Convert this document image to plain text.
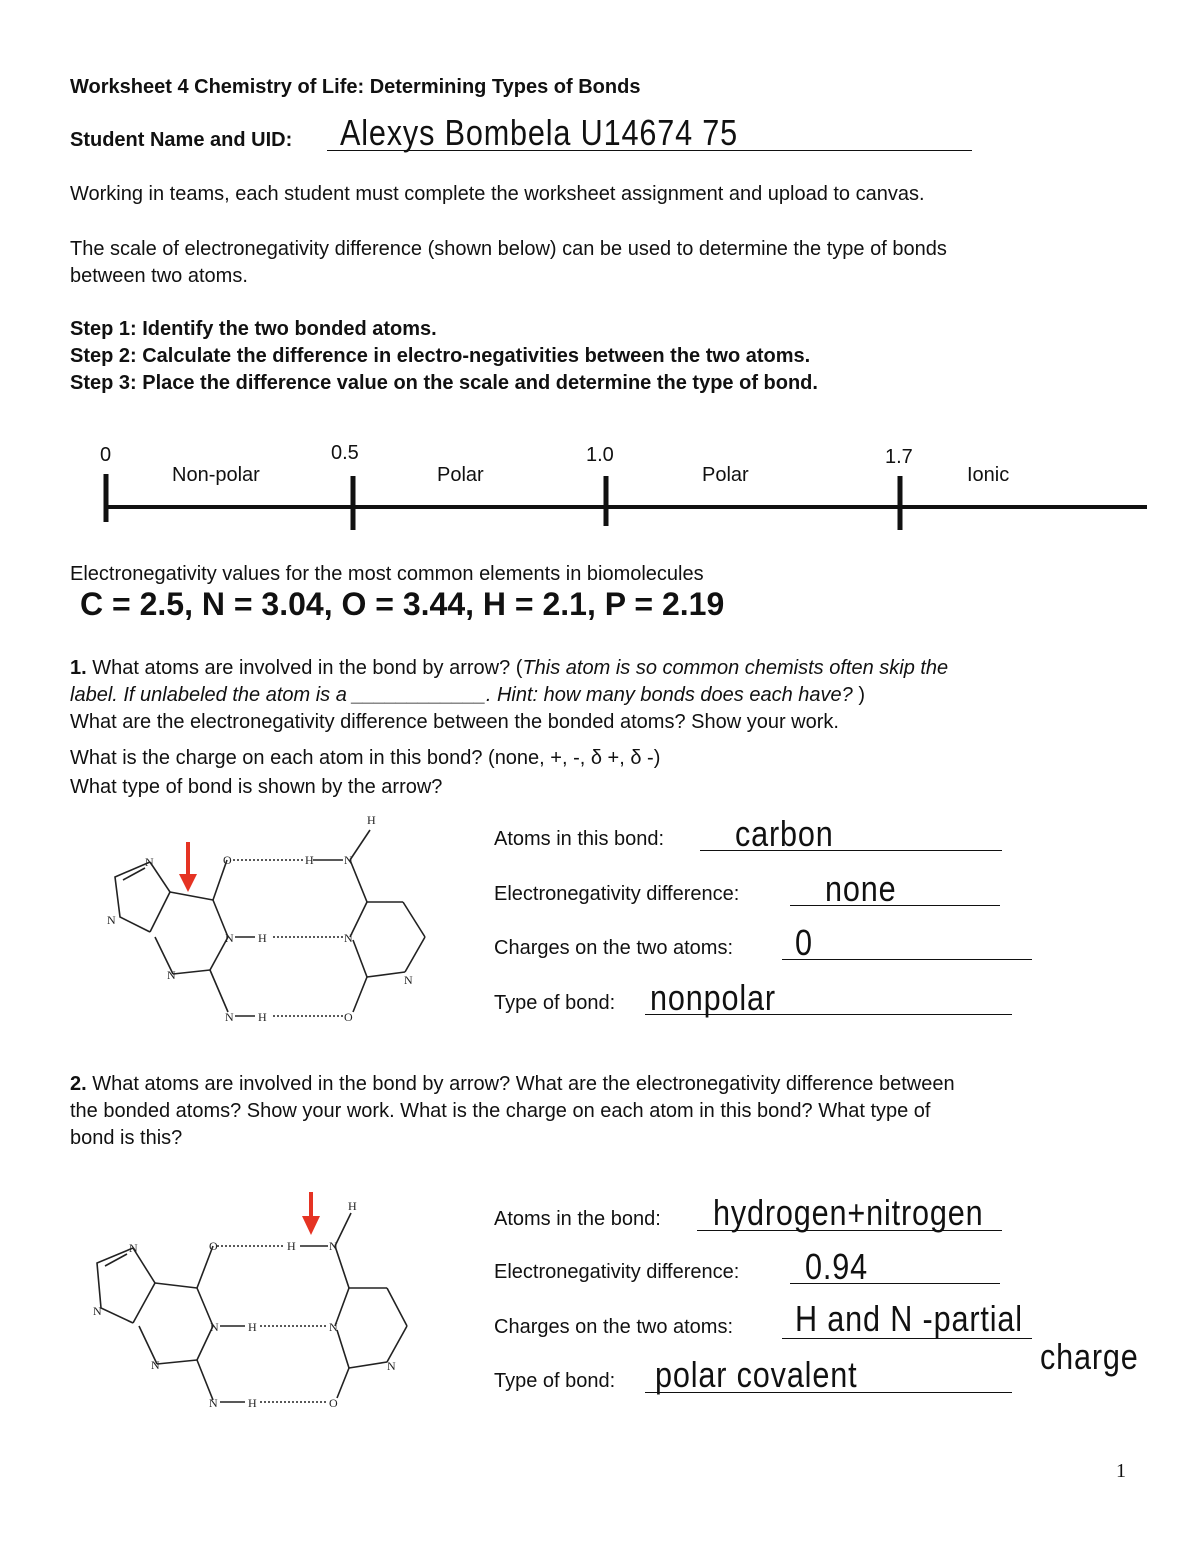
Worksheet 4 Chemistry of Life: Determining Types of Bonds
Student Name and UID: Alexys Bombela U14674 75
Working in teams, each student must complete the worksheet assignment and upload to canvas.
The scale of electronegativity difference (shown below) can be used to determine the type of bonds
between two atoms.
Step 1: Identify the two bonded atoms.
Step 2: Calculate the difference in electro-negativities between the two atoms.
Step 3: Place the difference value on the scale and determine the type of bond.
0	0.5	1.0	1.7
Non-polar	Polar	Polar	Ionic
Electronegativity values for the most common elements in biomolecules
C = 2.5, N = 3.04, O = 3.44, H = 2.1, P = 2.19
1. What atoms are involved in the bond by arrow? (This atom is so common chemists often skip the
label. If unlabeled the atom is a ____________. Hint: how many bonds does each have? )
What are the electronegativity difference between the bonded atoms? Show your work.
What is the charge on each atom in this bond? (none, +, -, δ +, δ -)
What type of bond is shown by the arrow?
N
N
O
N H
N
N H
H	N
H
N
N
O
Atoms in this bond: carbon
Electronegativity difference: none
Charges on the two atoms: 0
Type of bond: nonpolar
2. What atoms are involved in the bond by arrow? What are the electronegativity difference between
the bonded atoms? Show your work. What is the charge on each atom in this bond? What type of
bond is this?
N
N
O
N H
N
N	H
H	N
H
N
N
O
Atoms in the bond: hydrogen+nitrogen
Electronegativity difference: 0.94
Charges on the two atoms: H and N -partial
charge
Type of bond: polar covalent
1
